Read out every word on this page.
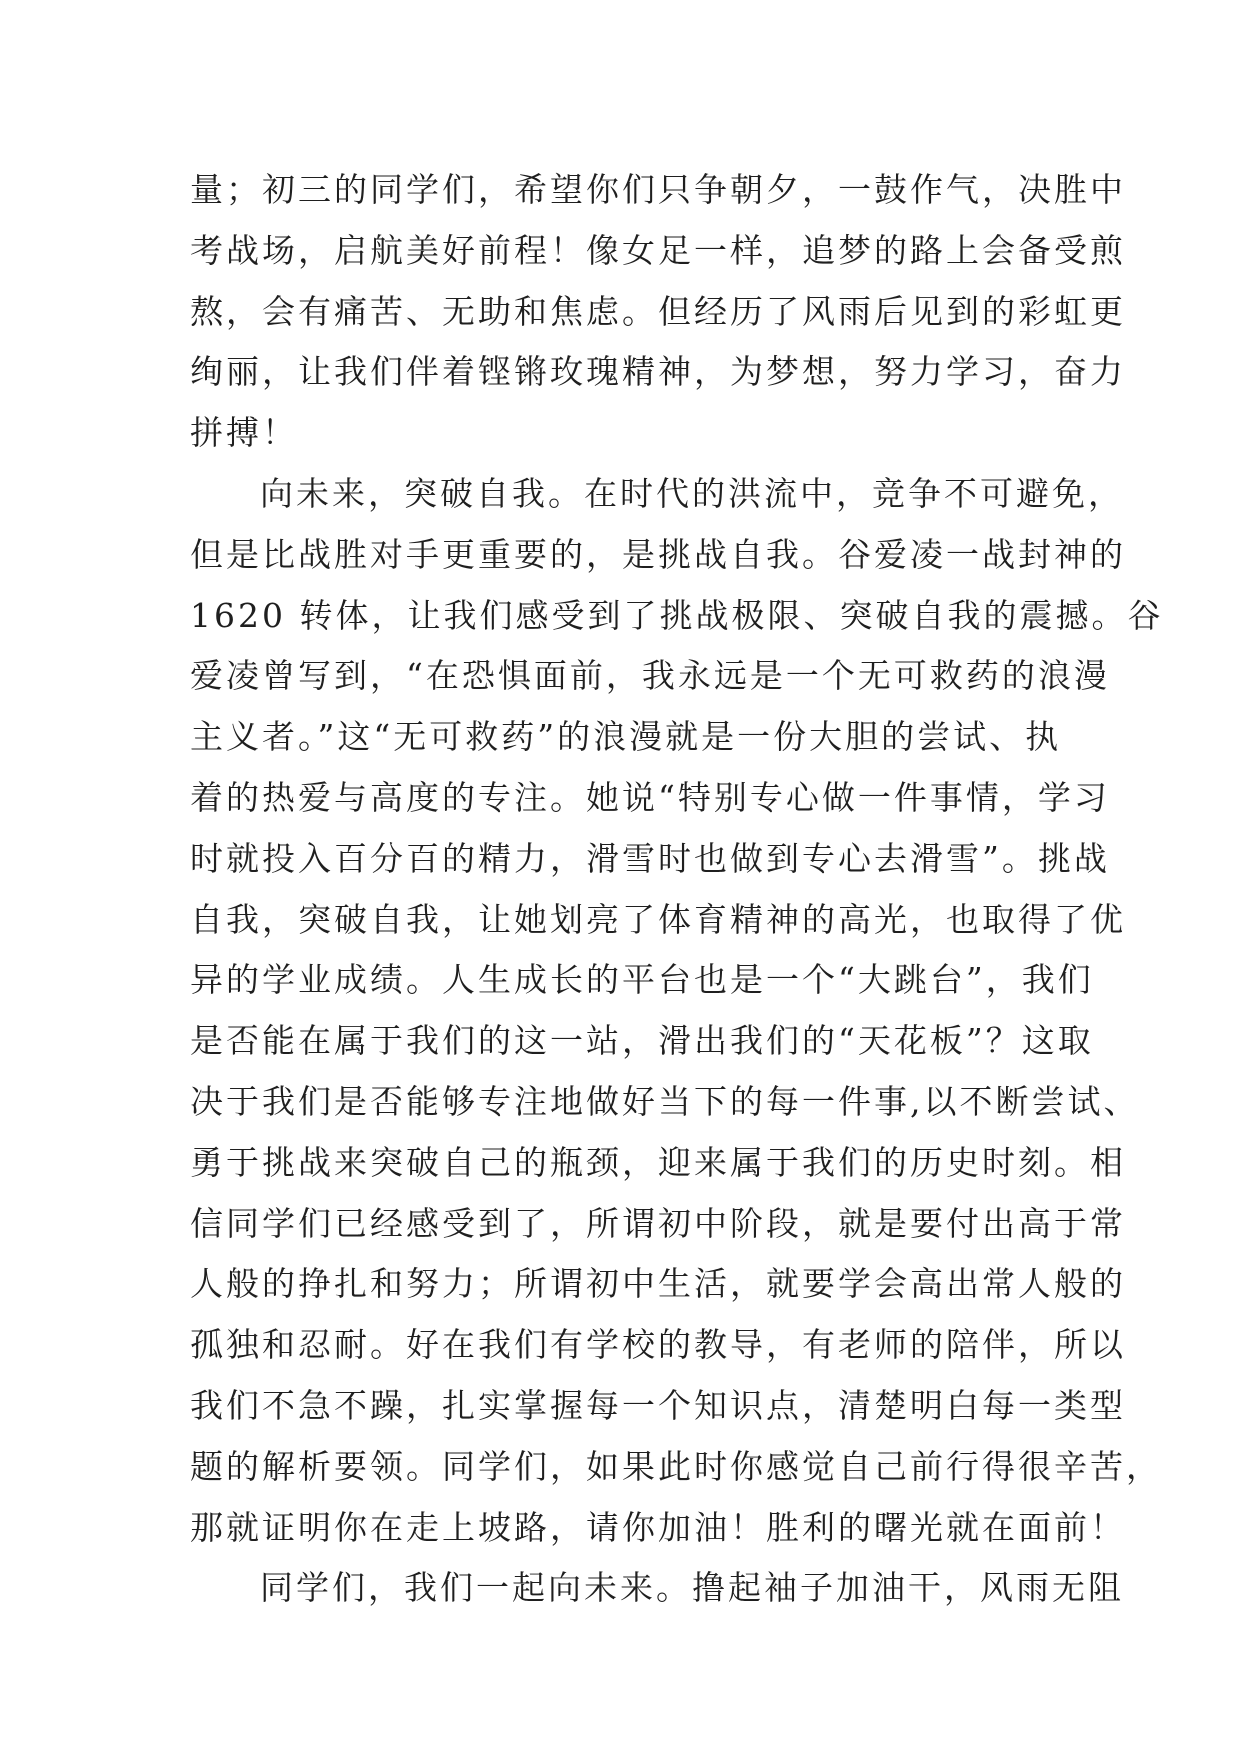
量；初三的同学们，希望你们只争朝夕，一鼓作气，决胜中
考战场，启航美好前程！像女足一样，追梦的路上会备受煎
熬，会有痛苦、无助和焦虑。但经历了风雨后见到的彩虹更
绚丽，让我们伴着铿锵玫瑰精神，为梦想，努力学习，奋力
拼搏！
向未来，突破自我。在时代的洪流中，竞争不可避免，
但是比战胜对手更重要的，是挑战自我。谷爱凌一战封神的
1620 转体，让我们感受到了挑战极限、突破自我的震撼。谷
爱凌曾写到，“在恐惧面前，我永远是一个无可救药的浪漫
主义者。”这“无可救药”的浪漫就是一份大胆的尝试、执
着的热爱与高度的专注。她说“特别专心做一件事情，学习
时就投入百分百的精力，滑雪时也做到专心去滑雪”。挑战
自我，突破自我，让她划亮了体育精神的高光，也取得了优
异的学业成绩。人生成长的平台也是一个“大跳台”，我们
是否能在属于我们的这一站，滑出我们的“天花板”？这取
决于我们是否能够专注地做好当下的每一件事,以不断尝试、
勇于挑战来突破自己的瓶颈，迎来属于我们的历史时刻。相
信同学们已经感受到了，所谓初中阶段，就是要付出高于常
人般的挣扎和努力；所谓初中生活，就要学会高出常人般的
孤独和忍耐。好在我们有学校的教导，有老师的陪伴，所以
我们不急不躁，扎实掌握每一个知识点，清楚明白每一类型
题的解析要领。同学们，如果此时你感觉自己前行得很辛苦，
那就证明你在走上坡路，请你加油！胜利的曙光就在面前！
同学们，我们一起向未来。撸起袖子加油干，风雨无阻
